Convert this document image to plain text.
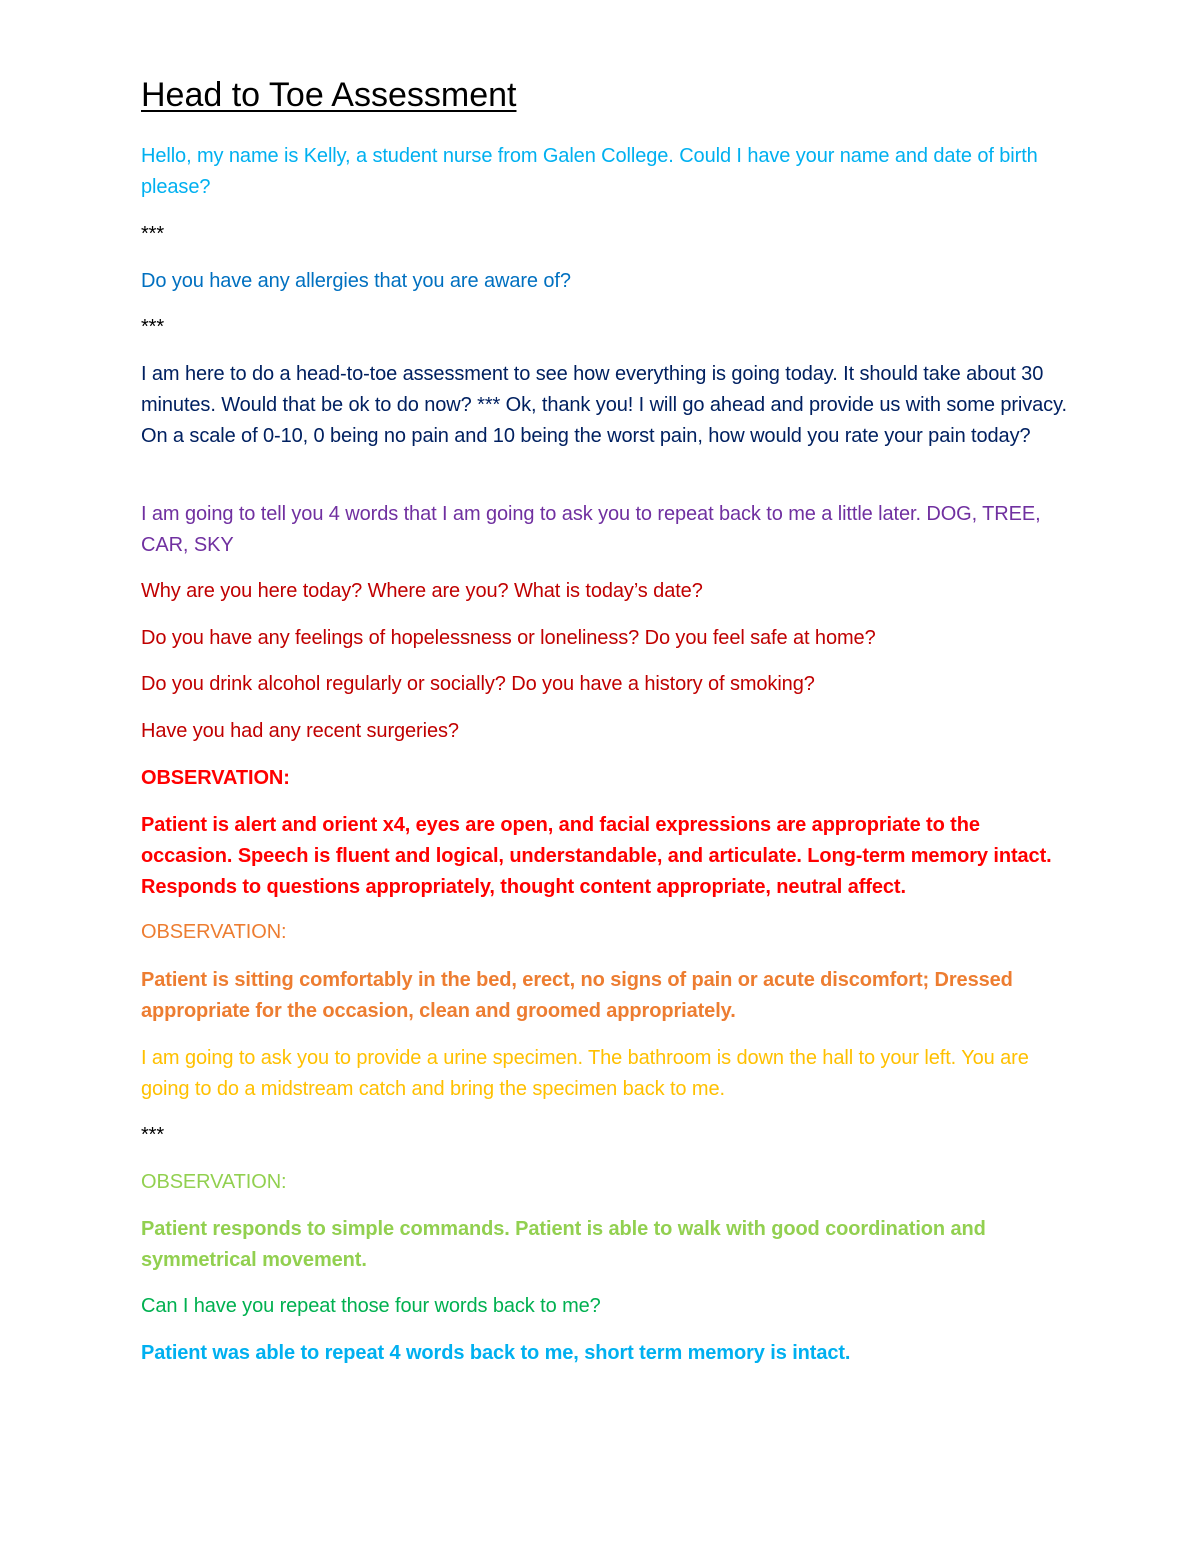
Head to Toe Assessment

Hello, my name is Kelly, a student nurse from Galen College. Could I have your name and date of birth please?

***

Do you have any allergies that you are aware of?

***

I am here to do a head-to-toe assessment to see how everything is going today. It should take about 30 minutes. Would that be ok to do now? *** Ok, thank you! I will go ahead and provide us with some privacy. On a scale of 0-10, 0 being no pain and 10 being the worst pain, how would you rate your pain today?

I am going to tell you 4 words that I am going to ask you to repeat back to me a little later. DOG, TREE, CAR, SKY

Why are you here today? Where are you? What is today’s date?

Do you have any feelings of hopelessness or loneliness? Do you feel safe at home?

Do you drink alcohol regularly or socially? Do you have a history of smoking?

Have you had any recent surgeries?

OBSERVATION:

Patient is alert and orient x4, eyes are open, and facial expressions are appropriate to the occasion. Speech is fluent and logical, understandable, and articulate. Long-term memory intact. Responds to questions appropriately, thought content appropriate, neutral affect.

OBSERVATION:

Patient is sitting comfortably in the bed, erect, no signs of pain or acute discomfort; Dressed appropriate for the occasion, clean and groomed appropriately.

I am going to ask you to provide a urine specimen. The bathroom is down the hall to your left. You are going to do a midstream catch and bring the specimen back to me.

***

OBSERVATION:

Patient responds to simple commands. Patient is able to walk with good coordination and symmetrical movement.

Can I have you repeat those four words back to me?

Patient was able to repeat 4 words back to me, short term memory is intact.
